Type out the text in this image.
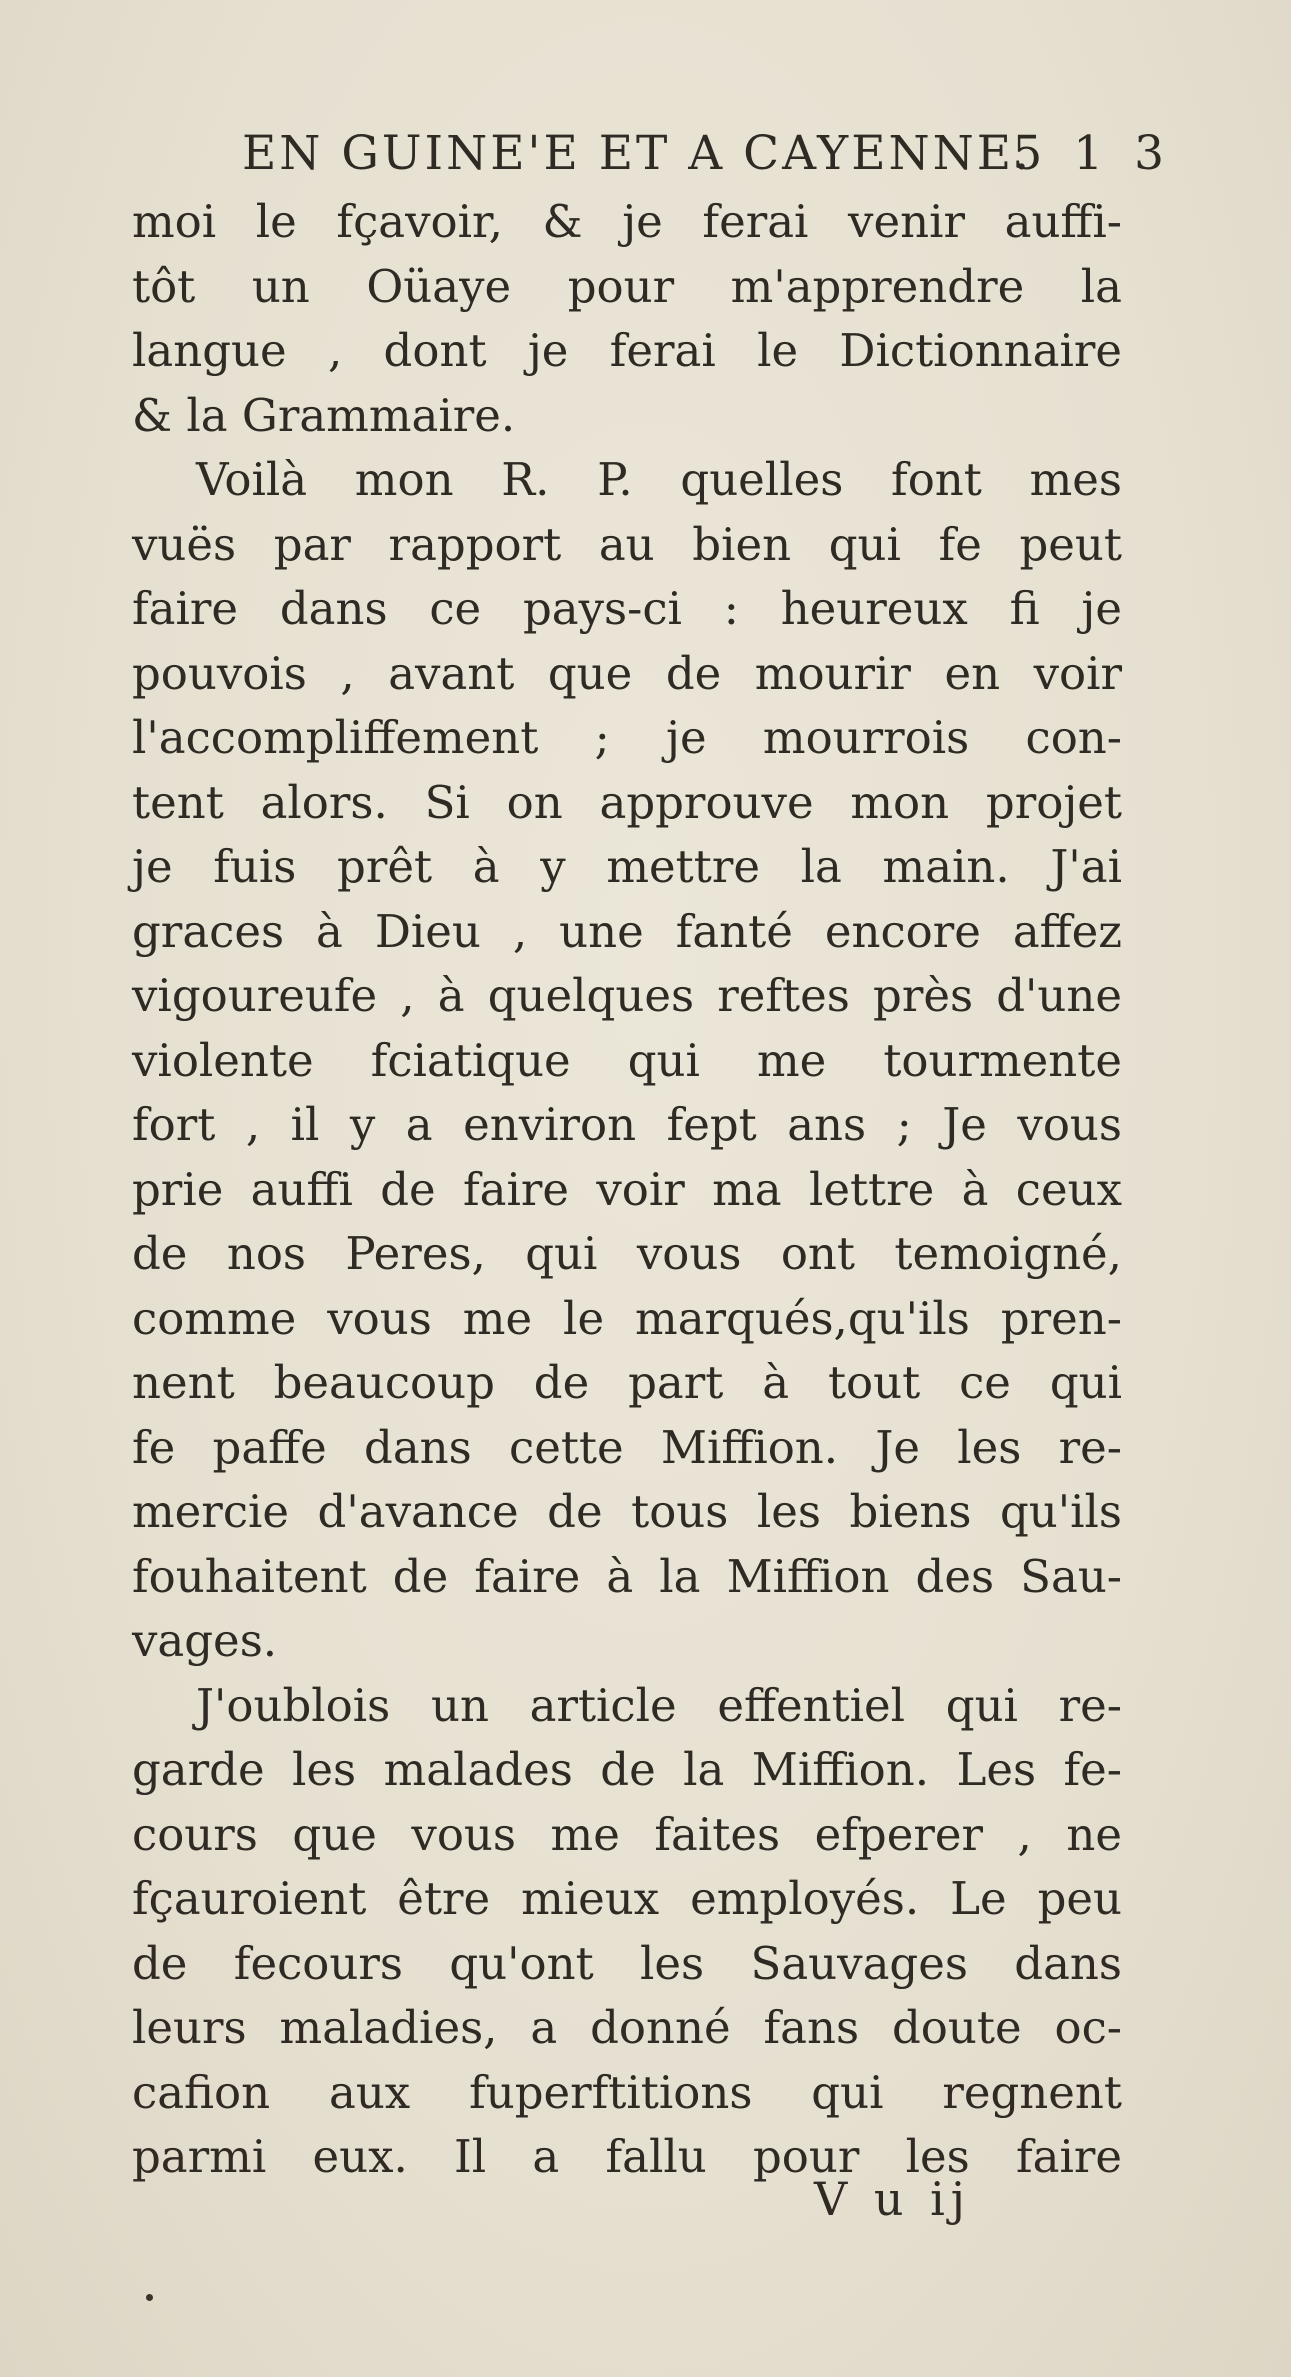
EN GUINE'E ET A CAYENNE.
5 1 3
moi le fçavoir, & je ferai venir auffi-
tôt un Oüaye pour m'apprendre la
langue , dont je ferai le Dictionnaire
& la Grammaire.
Voilà mon R. P. quelles font mes
vuës par rapport au bien qui fe peut
faire dans ce pays-ci : heureux fi je
pouvois , avant que de mourir en voir
l'accompliffement ; je mourrois con-
tent alors. Si on approuve mon projet
je fuis prêt à y mettre la main. J'ai
graces à Dieu , une fanté encore affez
vigoureufe , à quelques reftes près d'une
violente fciatique qui me tourmente
fort , il y a environ fept ans ; Je vous
prie auffi de faire voir ma lettre à ceux
de nos Peres, qui vous ont temoigné,
comme vous me le marqués,qu'ils pren-
nent beaucoup de part à tout ce qui
fe paffe dans cette Miffion. Je les re-
mercie d'avance de tous les biens qu'ils
fouhaitent de faire à la Miffion des Sau-
vages.
J'oublois un article effentiel qui re-
garde les malades de la Miffion. Les fe-
cours que vous me faites efperer , ne
fçauroient être mieux employés. Le peu
de fecours qu'ont les Sauvages dans
leurs maladies, a donné fans doute oc-
cafion aux fuperftitions qui regnent
parmi eux. Il a fallu pour les faire
V u ij
